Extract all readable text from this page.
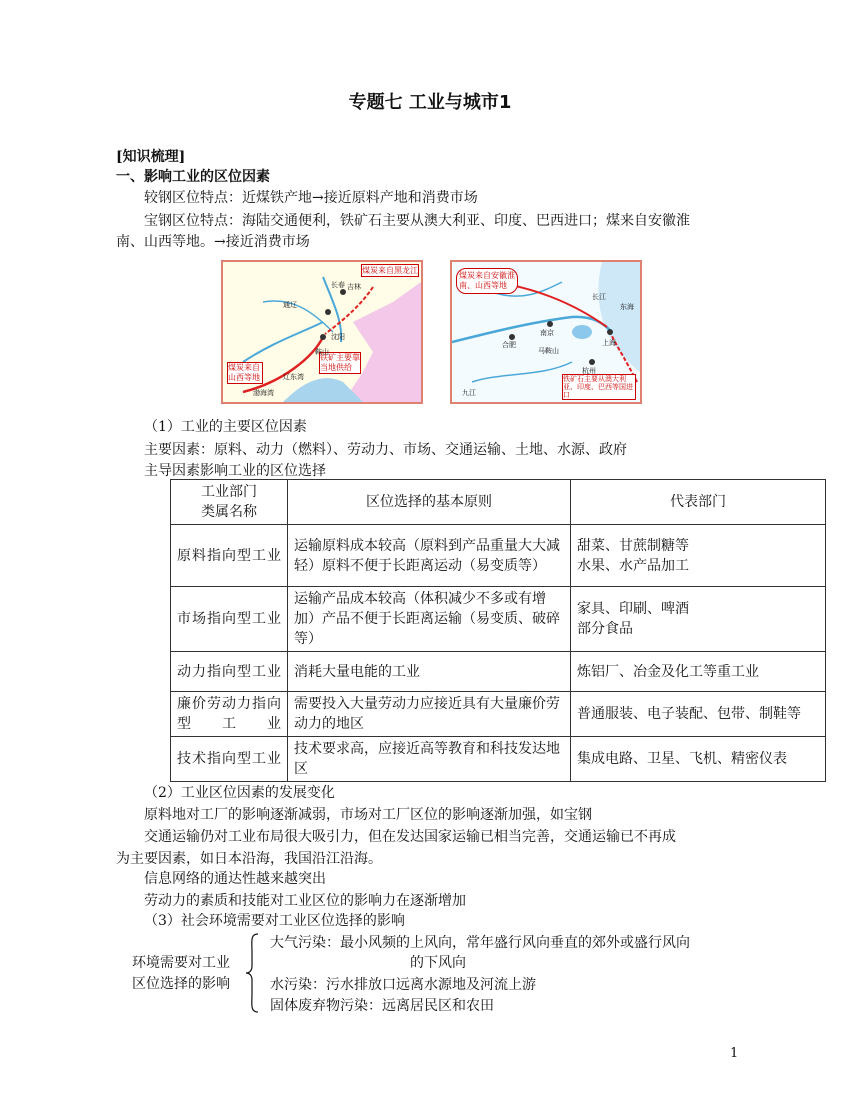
专题七 工业与城市1
[知识梳理]
一、影响工业的区位因素
较钢区位特点：近煤铁产地→接近原料产地和消费市场
宝钢区位特点：海陆交通便利，铁矿石主要从澳大利亚、印度、巴西进口；煤来自安徽淮
南、山西等地。→接近消费市场
煤炭来自黑龙江
煤炭来自山西等地
铁矿主要靠当地供给
长春 吉林
通辽
沈阳
鞍山
辽东湾
渤海湾
煤炭来自安徽淮南、山西等地
铁矿石主要从澳大利亚、印度、巴西等国进口
南京
合肥
马鞍山
上海
杭州
东海
九江
长江
（1）工业的主要区位因素
主要因素：原料、动力（燃料）、劳动力、市场、交通运输、土地、水源、政府
主导因素影响工业的区位选择
工业部门
类属名称	区位选择的基本原则	代表部门
原料指向型工业	运输原料成本较高（原料到产品重量大大减轻）原料不便于长距离运动（易变质等）	甜菜、甘蔗制糖等
水果、水产品加工

市场指向型工业	运输产品成本较高（体积减少不多或有增加）产品不便于长距离运输（易变质、破碎等）	家具、印刷、啤酒
部分食品

动力指向型工业	消耗大量电能的工业	炼铝厂、冶金及化工等重工业
廉价劳动力指向型工业	需要投入大量劳动力应接近具有大量廉价劳动力的地区	普通服装、电子装配、包带、制鞋等
技术指向型工业	技术要求高，应接近高等教育和科技发达地区	集成电路、卫星、飞机、精密仪表
（2）工业区位因素的发展变化
原料地对工厂的影响逐渐减弱，市场对工厂区位的影响逐渐加强，如宝钢
交通运输仍对工业布局很大吸引力，但在发达国家运输已相当完善，交通运输已不再成
为主要因素，如日本沿海，我国沿江沿海。
信息网络的通达性越来越突出
劳动力的素质和技能对工业区位的影响力在逐渐增加
（3）社会环境需要对工业区位选择的影响
环境需要对工业
区位选择的影响
大气污染：最小风频的上风向，常年盛行风向垂直的郊外或盛行风向
的下风向
水污染：污水排放口远离水源地及河流上游
固体废弃物污染：远离居民区和农田
1
